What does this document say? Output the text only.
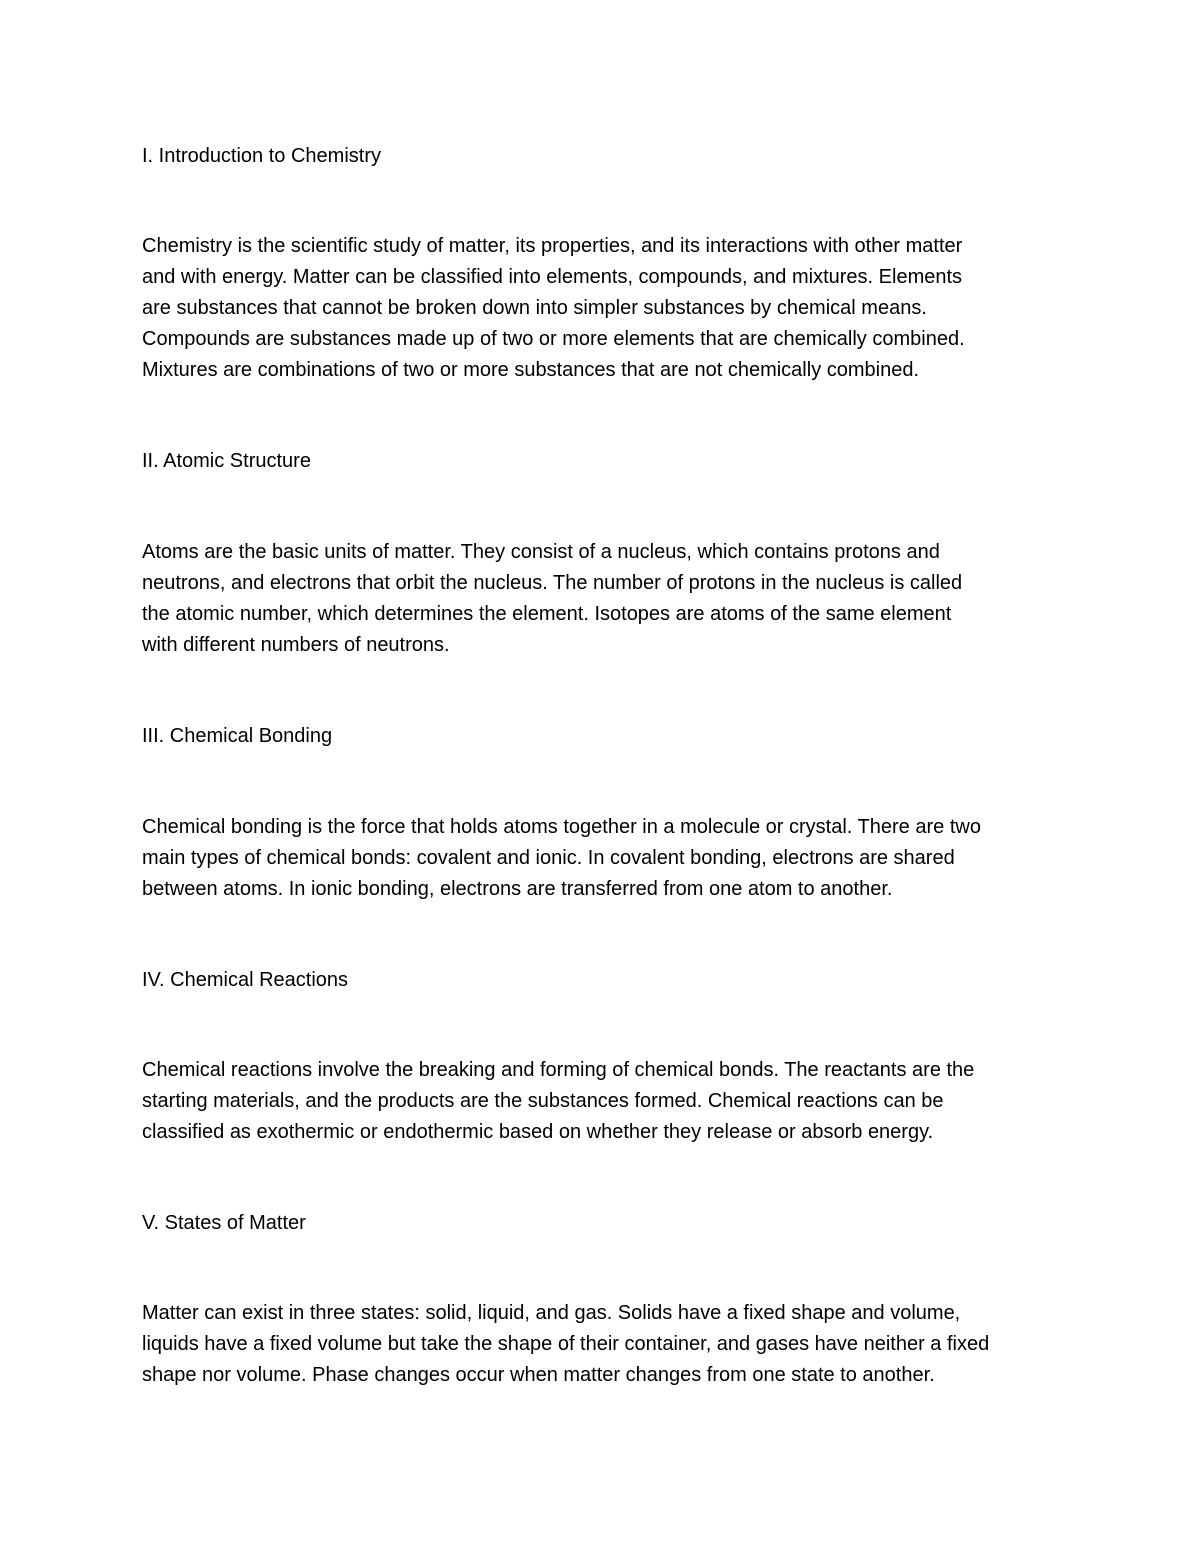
I. Introduction to Chemistry
Chemistry is the scientific study of matter, its properties, and its interactions with other matter
and with energy. Matter can be classified into elements, compounds, and mixtures. Elements
are substances that cannot be broken down into simpler substances by chemical means.
Compounds are substances made up of two or more elements that are chemically combined.
Mixtures are combinations of two or more substances that are not chemically combined.
II. Atomic Structure
Atoms are the basic units of matter. They consist of a nucleus, which contains protons and
neutrons, and electrons that orbit the nucleus. The number of protons in the nucleus is called
the atomic number, which determines the element. Isotopes are atoms of the same element
with different numbers of neutrons.
III. Chemical Bonding
Chemical bonding is the force that holds atoms together in a molecule or crystal. There are two
main types of chemical bonds: covalent and ionic. In covalent bonding, electrons are shared
between atoms. In ionic bonding, electrons are transferred from one atom to another.
IV. Chemical Reactions
Chemical reactions involve the breaking and forming of chemical bonds. The reactants are the
starting materials, and the products are the substances formed. Chemical reactions can be
classified as exothermic or endothermic based on whether they release or absorb energy.
V. States of Matter
Matter can exist in three states: solid, liquid, and gas. Solids have a fixed shape and volume,
liquids have a fixed volume but take the shape of their container, and gases have neither a fixed
shape nor volume. Phase changes occur when matter changes from one state to another.
